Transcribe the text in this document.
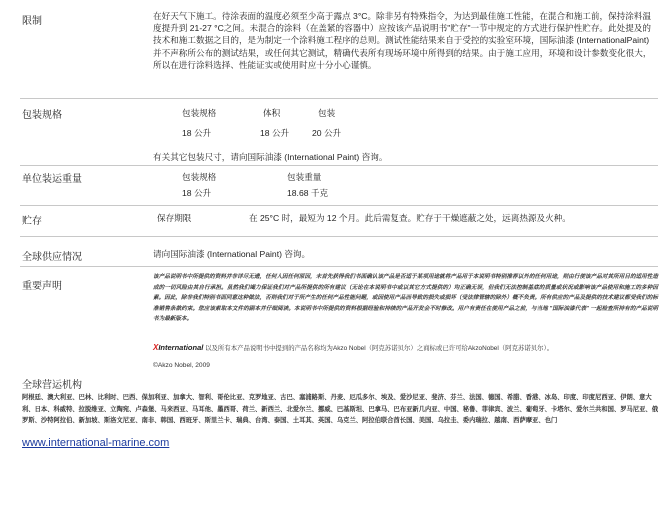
限制	在好天气下施工。待涂表面的温度必须至少高于露点 3°C。除非另有特殊指令，为达到最佳施工性能，在混合和施工前，保持涂料温度提升到 21-27 °C之间。未混合的涂料（在盖紧的容器中）应按该产品说明书"贮存"一节中规定的方式进行保护性贮存。此处提及的技术和施工数据之目的，是为制定一个涂料施工程序的总则。测试性能结果来自于受控的实验室环境，国际油漆 (InternationalPaint) 并不声称所公布的测试结果，或任何其它测试，精确代表所有现场环境中所得到的结果。由于施工应用，环境和设计参数变化很大，所以在进行涂料选择、性能证实或使用时应十分小心谨慎。
包装规格	包装规格	体积	包装
18 公升	18 公升	20 公升
有关其它包装尺寸，请向国际油漆 (International Paint) 咨询。
单位装运重量	包装规格	包装重量
18 公升	18.68 千克
贮存	保存期限	在 25°C 时，最短为 12 个月。此后需复查。贮存于干燥遮蔽之处，远离热源及火种。
全球供应情况	请向国际油漆 (International Paint) 咨询。
重要声明
该产品说明书中所提供的资料并非详尽无遗，任何人因任何原因，未首先获得我们书面确认该产品是否适于某项用途就将产品用于本说明书特别推荐以外的任何用途，则由行使该产品对其所用目的适用性造成的一切风险由其自行承担。虽然我们竭力保证我们对产品所提供的所有建议（无论在本说明书中或以其它方式提供的）均正确无误，但我们无法控制基底的质量或状况或影响该产品使用和施工的多种因素。因此，除非我们特别书面同意这种做法，否则我们对于所产生的任何产品性能问题，或因使用产品而导致的损失或损坏（受法律管辖的除外）概不负责。所有供应的产品及提供的技术建议都受我们的标准销售条款约束。您应该索取本文件的副本并仔细阅读。本说明书中所提供的资料根据经验和持续的产品开发会不时修改。用户有责任在使用产品之前，与当地 "国际油漆代表" 一起检查所持有的产品说明书为最新版本。
XInternational 以及所有本产品说明书中提到的产品名称均为Akzo Nobel（阿克苏诺贝尔）之商标或已许可给AkzoNobel（阿克苏诺贝尔）。
©Akzo Nobel, 2009
全球营运机构
阿根廷、澳大利亚、巴林、比利时、巴西、保加利亚、加拿大、智利、哥伦比亚、克罗地亚、古巴、塞浦路斯、丹麦、厄瓜多尔、埃及、爱沙尼亚、斐济、芬兰、法国、德国、希腊、香港、冰岛、印度、印度尼西亚、伊朗、意大利、日本、科威特、拉脱维亚、立陶宛、卢森堡、马来西亚、马耳他、墨西哥、荷兰、新西兰、北爱尔兰、挪威、巴基斯坦、巴拿马、巴布亚新几内亚、中国、秘鲁、菲律宾、波兰、葡萄牙、卡塔尔、爱尔兰共和国、罗马尼亚、俄罗斯、沙特阿拉伯、新加坡、斯洛文尼亚、南非、韩国、西班牙、斯里兰卡、瑞典、台湾、泰国、土耳其、英国、乌克兰、阿拉伯联合酋长国、美国、乌拉圭、委内瑞拉、越南、西萨摩亚、也门
www.international-marine.com
